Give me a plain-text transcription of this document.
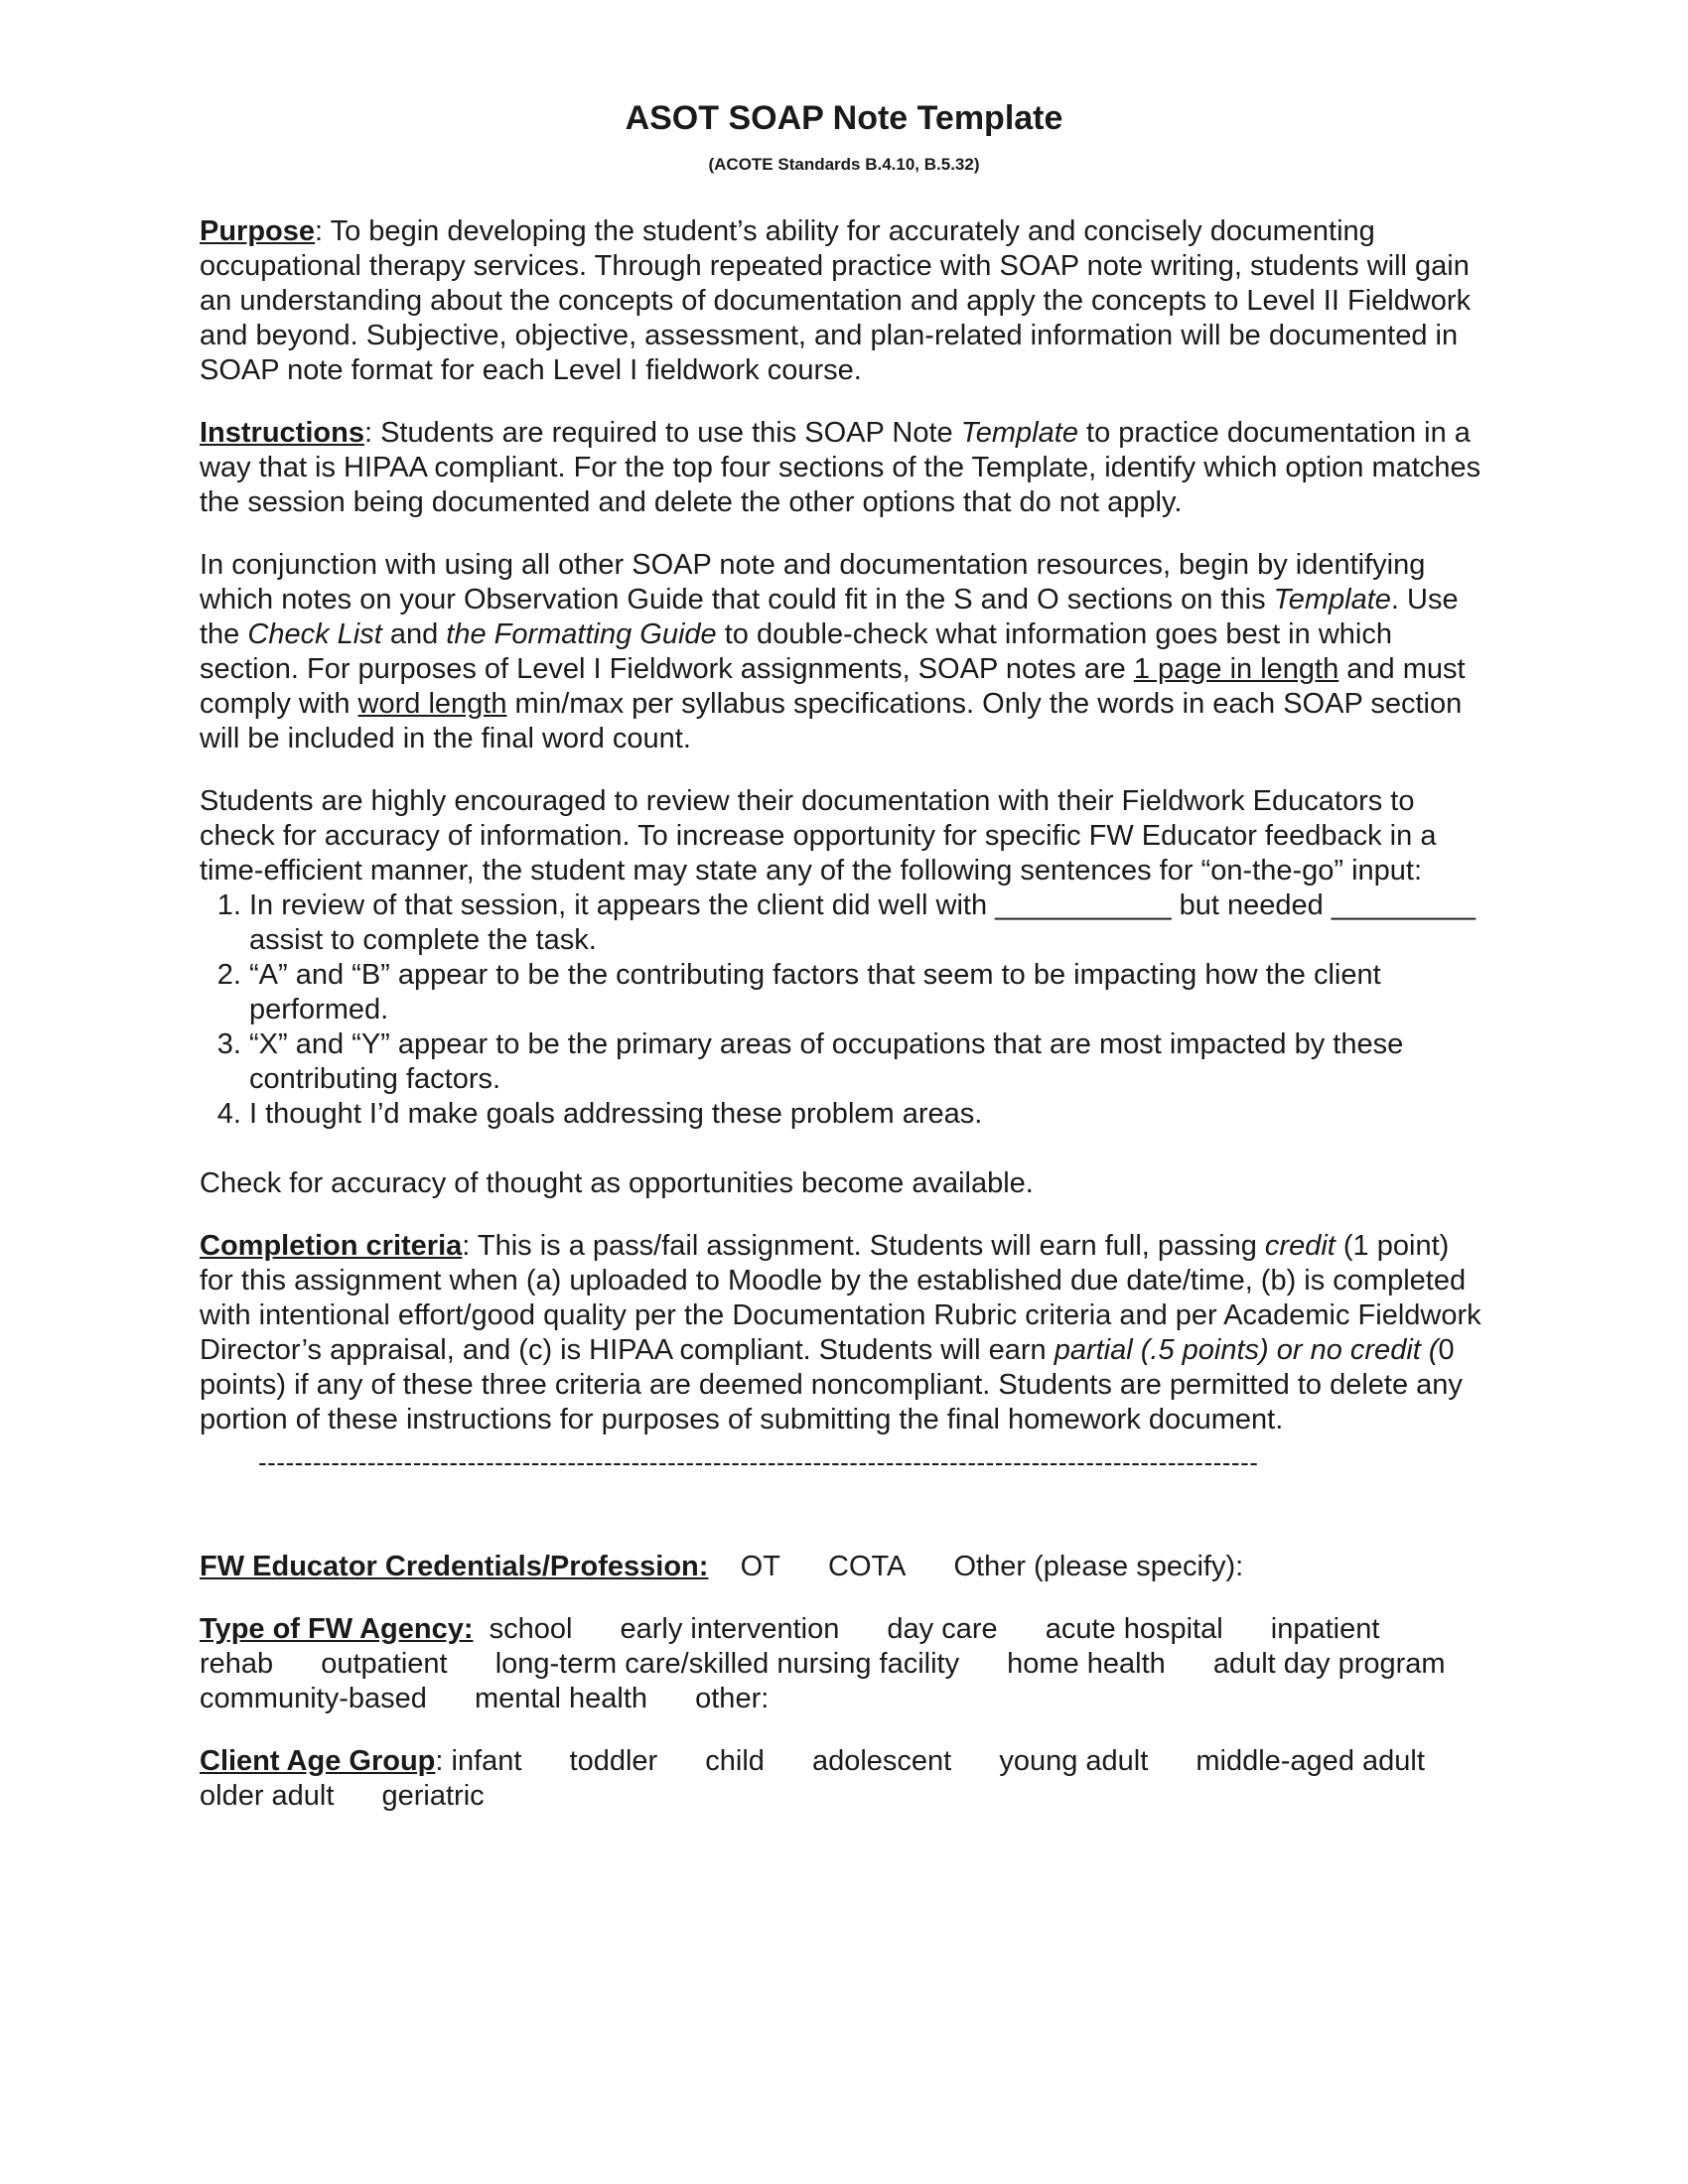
ASOT SOAP Note Template
(ACOTE Standards B.4.10, B.5.32)

Purpose: To begin developing the student’s ability for accurately and concisely documenting occupational therapy services. Through repeated practice with SOAP note writing, students will gain an understanding about the concepts of documentation and apply the concepts to Level II Fieldwork and beyond. Subjective, objective, assessment, and plan-related information will be documented in SOAP note format for each Level I fieldwork course.

Instructions: Students are required to use this SOAP Note Template to practice documentation in a way that is HIPAA compliant. For the top four sections of the Template, identify which option matches the session being documented and delete the other options that do not apply.

In conjunction with using all other SOAP note and documentation resources, begin by identifying which notes on your Observation Guide that could fit in the S and O sections on this Template. Use the Check List and the Formatting Guide to double-check what information goes best in which section. For purposes of Level I Fieldwork assignments, SOAP notes are 1 page in length and must comply with word length min/max per syllabus specifications. Only the words in each SOAP section will be included in the final word count.

Students are highly encouraged to review their documentation with their Fieldwork Educators to check for accuracy of information. To increase opportunity for specific FW Educator feedback in a time-efficient manner, the student may state any of the following sentences for “on-the-go” input:

1. In review of that session, it appears the client did well with ___________ but needed _________ assist to complete the task.
2. “A” and “B” appear to be the contributing factors that seem to be impacting how the client performed.
3. “X” and “Y” appear to be the primary areas of occupations that are most impacted by these contributing factors.
4. I thought I’d make goals addressing these problem areas.

Check for accuracy of thought as opportunities become available.

Completion criteria: This is a pass/fail assignment. Students will earn full, passing credit (1 point) for this assignment when (a) uploaded to Moodle by the established due date/time, (b) is completed with intentional effort/good quality per the Documentation Rubric criteria and per Academic Fieldwork Director’s appraisal, and (c) is HIPAA compliant. Students will earn partial (.5 points) or no credit (0 points) if any of these three criteria are deemed noncompliant. Students are permitted to delete any portion of these instructions for purposes of submitting the final homework document.

--------------------------------------------------------------------------------------------------------------

FW Educator Credentials/Profession: OT COTA Other (please specify):

Type of FW Agency: school early intervention day care acute hospital inpatient rehab outpatient long-term care/skilled nursing facility home health adult day program community-based mental health other:

Client Age Group: infant toddler child adolescent young adult middle-aged adult older adult geriatric
